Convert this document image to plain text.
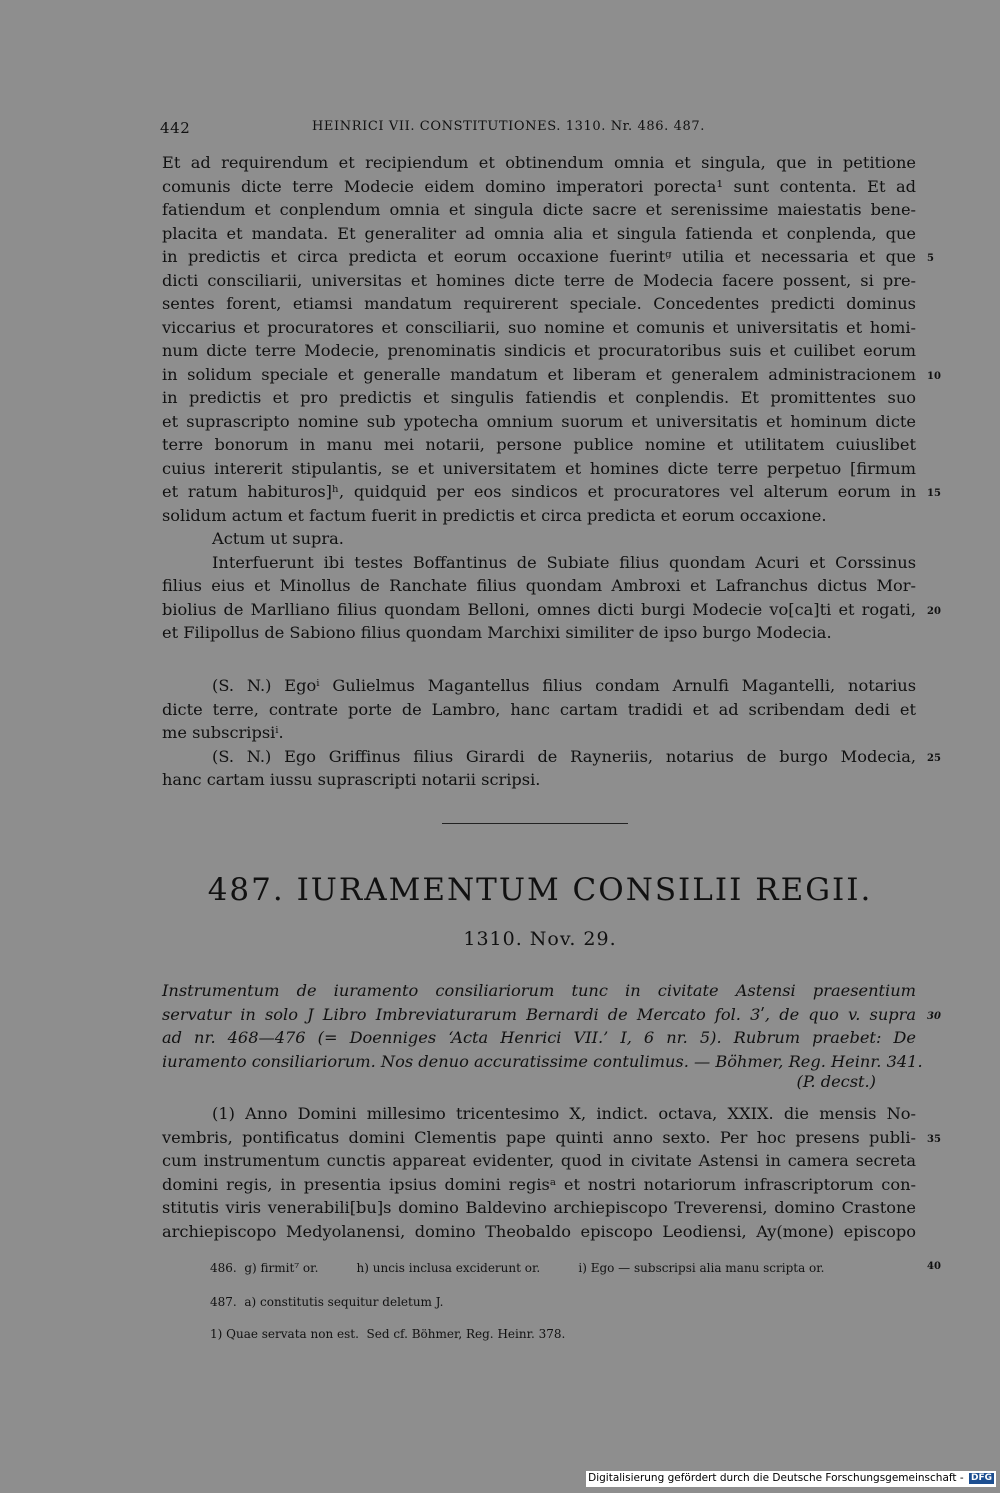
442	HEINRICI VII. CONSTITUTIONES. 1310. Nr. 486. 487.
Et ad requirendum et recipiendum et obtinendum omnia et singula, que in petitione
comunis dicte terre Modecie eidem domino imperatori porecta¹ sunt contenta. Et ad
fatiendum et conplendum omnia et singula dicte sacre et serenissime maiestatis bene-
placita et mandata. Et generaliter ad omnia alia et singula fatienda et conplenda, que
in predictis et circa predicta et eorum occaxione fuerintᵍ utilia et necessaria et que 5
dicti consciliarii, universitas et homines dicte terre de Modecia facere possent, si pre-
sentes forent, etiamsi mandatum requirerent speciale. Concedentes predicti dominus
viccarius et procuratores et consciliarii, suo nomine et comunis et universitatis et homi-
num dicte terre Modecie, prenominatis sindicis et procuratoribus suis et cuilibet eorum
in solidum speciale et generalle mandatum et liberam et generalem administracionem 10
in predictis et pro predictis et singulis fatiendis et conplendis. Et promittentes suo
et suprascripto nomine sub ypotecha omnium suorum et universitatis et hominum dicte
terre bonorum in manu mei notarii, persone publice nomine et utilitatem cuiuslibet
cuius intererit stipulantis, se et universitatem et homines dicte terre perpetuo [firmum
et ratum habituros]ʰ, quidquid per eos sindicos et procuratores vel alterum eorum in 15
solidum actum et factum fuerit in predictis et circa predicta et eorum occaxione.
Actum ut supra.
Interfuerunt ibi testes Boffantinus de Subiate filius quondam Acuri et Corssinus
filius eius et Minollus de Ranchate filius quondam Ambroxi et Lafranchus dictus Mor-
biolius de Marlliano filius quondam Belloni, omnes dicti burgi Modecie vo[ca]ti et rogati, 20
et Filipollus de Sabiono filius quondam Marchixi similiter de ipso burgo Modecia.
(S. N.) Egoⁱ Gulielmus Magantellus filius condam Arnulfi Magantelli, notarius
dicte terre, contrate porte de Lambro, hanc cartam tradidi et ad scribendam dedi et
me subscripsiⁱ.
(S. N.) Ego Griffinus filius Girardi de Rayneriis, notarius de burgo Modecia, 25
hanc cartam iussu suprascripti notarii scripsi.
487. IURAMENTUM CONSILII REGII.
1310. Nov. 29.
Instrumentum de iuramento consiliariorum tunc in civitate Astensi praesentium
servatur in solo J Libro Imbreviaturarum Bernardi de Mercato fol. 3ʹ, de quo v. supra 30
ad nr. 468—476 (= Doenniges ‘Acta Henrici VII.’ I, 6 nr. 5). Rubrum praebet: De
iuramento consiliariorum. Nos denuo accuratissime contulimus. — Böhmer, Reg. Heinr. 341.
(P. decst.)
(1) Anno Domini millesimo tricentesimo X, indict. octava, XXIX. die mensis No-
vembris, pontificatus domini Clementis pape quinti anno sexto. Per hoc presens publi- 35
cum instrumentum cunctis appareat evidenter, quod in civitate Astensi in camera secreta
domini regis, in presentia ipsius domini regisᵃ et nostri notariorum infrascriptorum con-
stitutis viris venerabili[bu]s domino Baldevino archiepiscopo Treverensi, domino Crastone
archiepiscopo Medyolanensi, domino Theobaldo episcopo Leodiensi, Ay(mone) episcopo
486.  g) firmit⁷ or.          h) uncis inclusa exciderunt or.          i) Ego — subscripsi alia manu scripta or.	40
487.  a) constitutis sequitur deletum J.
1) Quae servata non est.  Sed cf. Böhmer, Reg. Heinr. 378.
Digitalisierung gefördert durch die Deutsche Forschungsgemeinschaft - DFG
